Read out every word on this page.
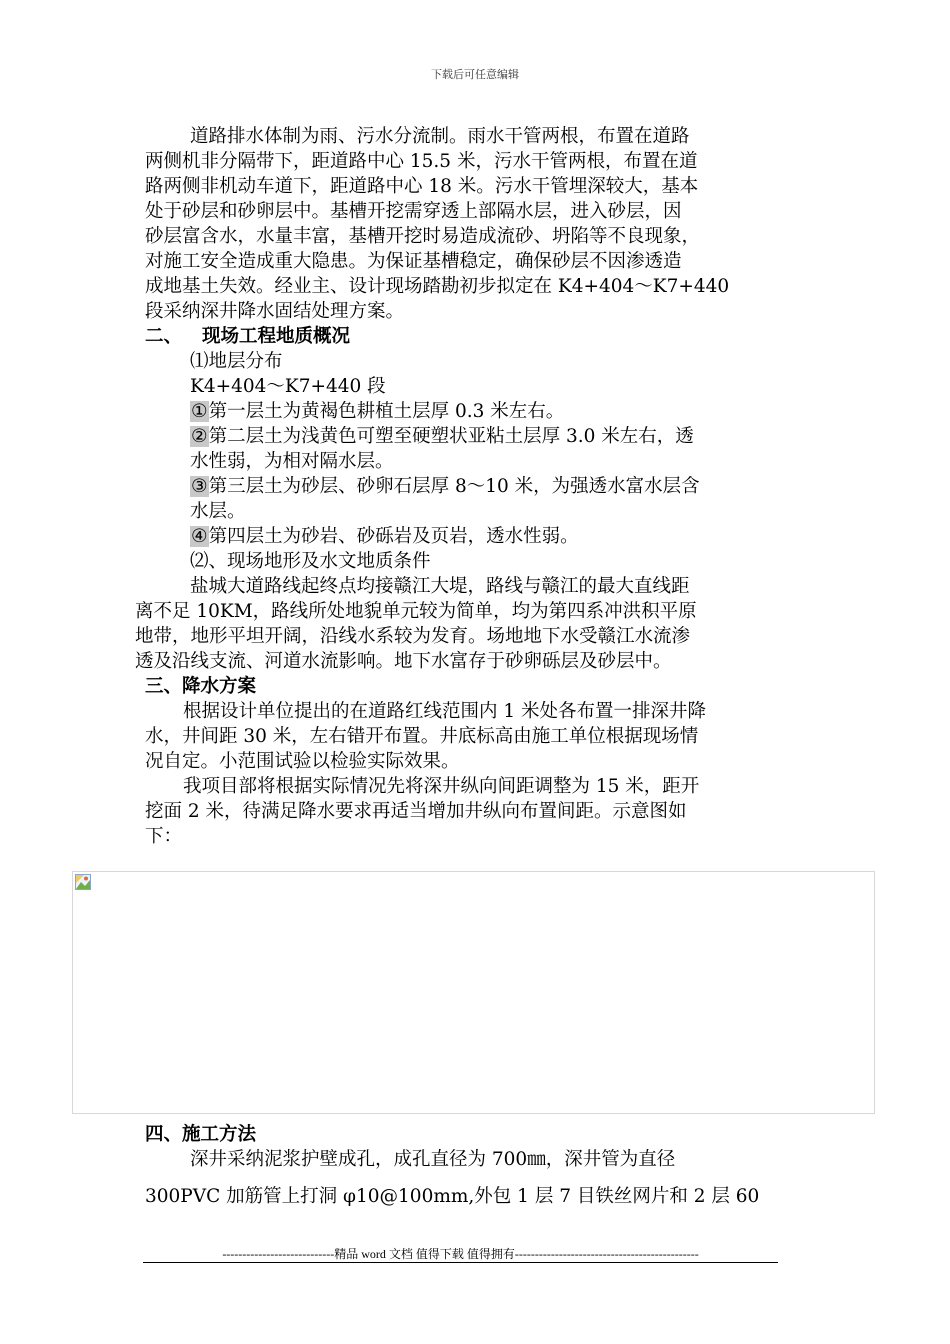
下载后可任意编辑
道路排水体制为雨、污水分流制。雨水干管两根，布置在道路
两侧机非分隔带下，距道路中心 15.5 米，污水干管两根，布置在道
路两侧非机动车道下，距道路中心 18 米。污水干管埋深较大，基本
处于砂层和砂卵层中。基槽开挖需穿透上部隔水层，进入砂层，因
砂层富含水，水量丰富，基槽开挖时易造成流砂、坍陷等不良现象，
对施工安全造成重大隐患。为保证基槽稳定，确保砂层不因渗透造
成地基土失效。经业主、设计现场踏勘初步拟定在 K4+404～K7+440
段采纳深井降水固结处理方案。
二、 现场工程地质概况
⑴地层分布
K4+404～K7+440 段
①第一层土为黄褐色耕植土层厚 0.3 米左右。
②第二层土为浅黄色可塑至硬塑状亚粘土层厚 3.0 米左右，透
水性弱，为相对隔水层。
③第三层土为砂层、砂卵石层厚 8～10 米，为强透水富水层含
水层。
④第四层土为砂岩、砂砾岩及页岩，透水性弱。
⑵、现场地形及水文地质条件
盐城大道路线起终点均接赣江大堤，路线与赣江的最大直线距
离不足 10KM，路线所处地貌单元较为简单，均为第四系冲洪积平原
地带，地形平坦开阔，沿线水系较为发育。场地地下水受赣江水流渗
透及沿线支流、河道水流影响。地下水富存于砂卵砾层及砂层中。
三、降水方案
根据设计单位提出的在道路红线范围内 1 米处各布置一排深井降
水，井间距 30 米，左右错开布置。井底标高由施工单位根据现场情
况自定。小范围试验以检验实际效果。
我项目部将根据实际情况先将深井纵向间距调整为 15 米，距开
挖面 2 米，待满足降水要求再适当增加井纵向布置间距。示意图如
下：
四、施工方法
深井采纳泥浆护壁成孔，成孔直径为 700㎜，深井管为直径
300PVC 加筋管上打洞 φ10@100mm,外包 1 层 7 目铁丝网片和 2 层 60
----------------------------精品 word 文档 值得下载 值得拥有----------------------------------------------
